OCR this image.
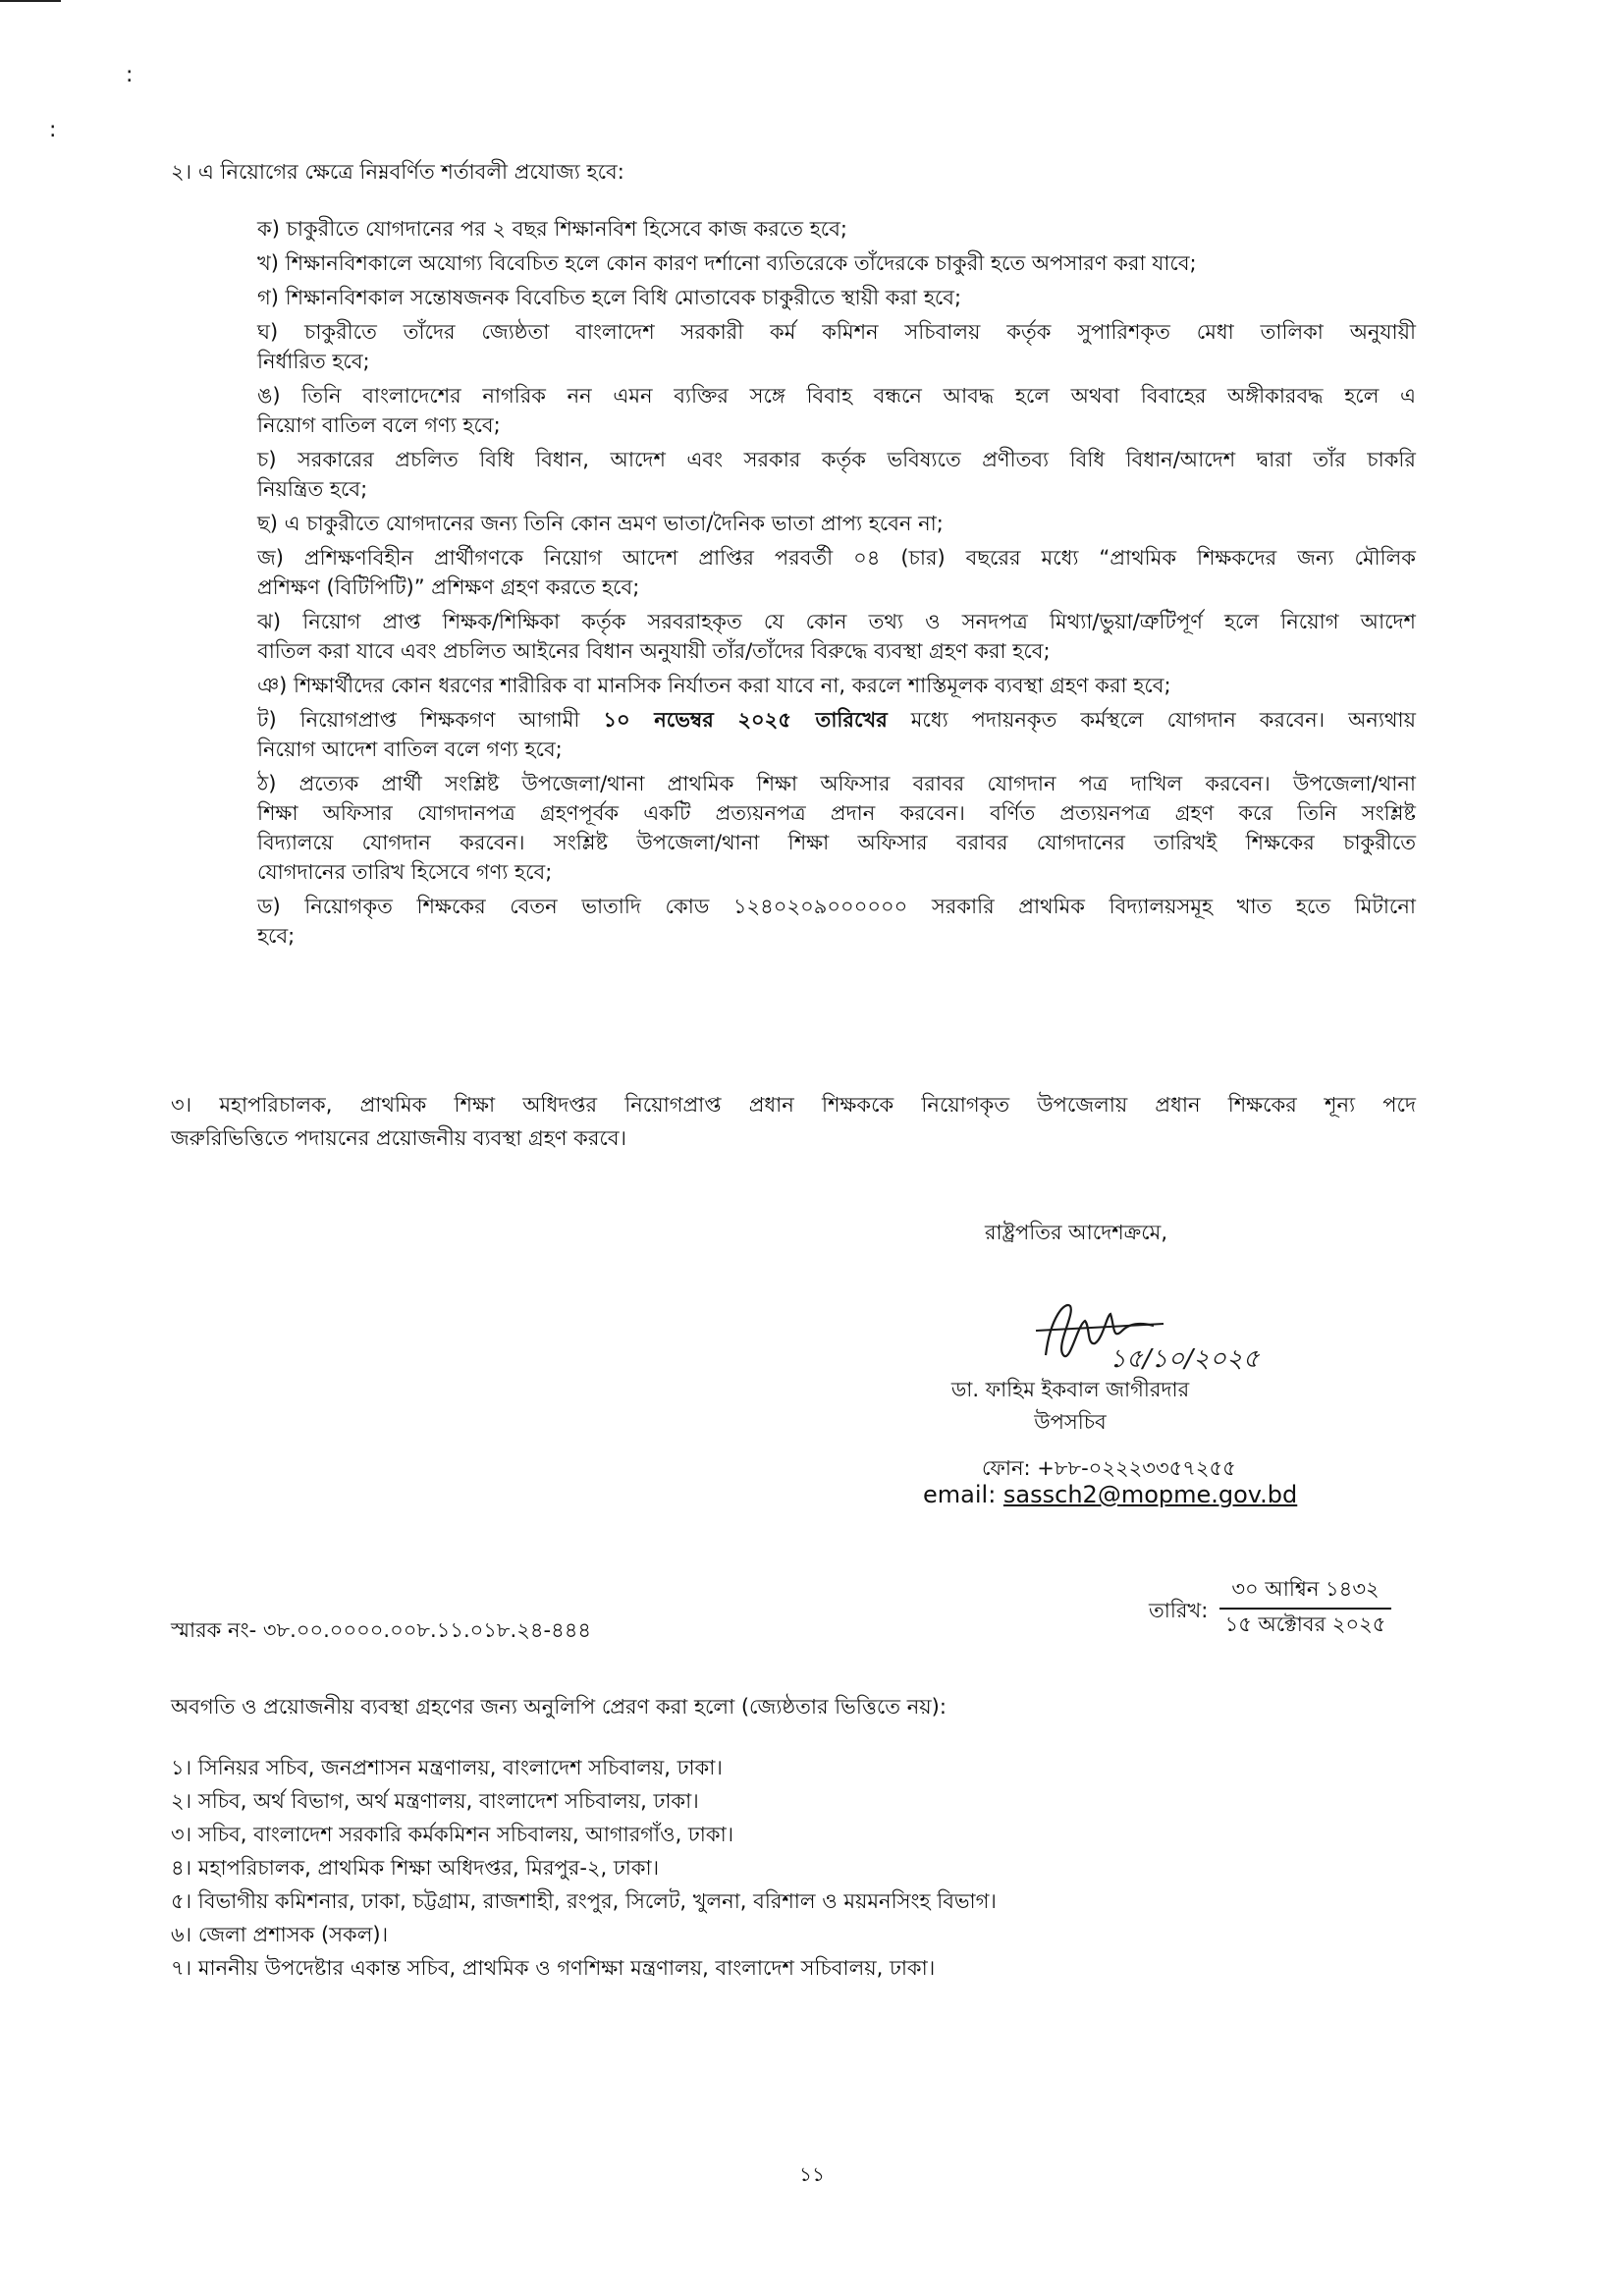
:
:
২। এ নিয়োগের ক্ষেত্রে নিম্নবর্ণিত শর্তাবলী প্রযোজ্য হবে:
ক) চাকুরীতে যোগদানের পর ২ বছর শিক্ষানবিশ হিসেবে কাজ করতে হবে;
খ) শিক্ষানবিশকালে অযোগ্য বিবেচিত হলে কোন কারণ দর্শানো ব্যতিরেকে তাঁদেরকে চাকুরী হতে অপসারণ করা যাবে;
গ) শিক্ষানবিশকাল সন্তোষজনক বিবেচিত হলে বিধি মোতাবেক চাকুরীতে স্থায়ী করা হবে;
ঘ) চাকুরীতে তাঁদের জ্যেষ্ঠতা বাংলাদেশ সরকারী কর্ম কমিশন সচিবালয় কর্তৃক সুপারিশকৃত মেধা তালিকা অনুযায়ী
নির্ধারিত হবে;
ঙ) তিনি বাংলাদেশের নাগরিক নন এমন ব্যক্তির সঙ্গে বিবাহ বন্ধনে আবদ্ধ হলে অথবা বিবাহের অঙ্গীকারবদ্ধ হলে এ
নিয়োগ বাতিল বলে গণ্য হবে;
চ) সরকারের প্রচলিত বিধি বিধান, আদেশ এবং সরকার কর্তৃক ভবিষ্যতে প্রণীতব্য বিধি বিধান/আদেশ দ্বারা তাঁর চাকরি
নিয়ন্ত্রিত হবে;
ছ) এ চাকুরীতে যোগদানের জন্য তিনি কোন ভ্রমণ ভাতা/দৈনিক ভাতা প্রাপ্য হবেন না;
জ) প্রশিক্ষণবিহীন প্রার্থীগণকে নিয়োগ আদেশ প্রাপ্তির পরবর্তী ০৪ (চার) বছরের মধ্যে “প্রাথমিক শিক্ষকদের জন্য মৌলিক
প্রশিক্ষণ (বিটিপিটি)” প্রশিক্ষণ গ্রহণ করতে হবে;
ঝ) নিয়োগ প্রাপ্ত শিক্ষক/শিক্ষিকা কর্তৃক সরবরাহকৃত যে কোন তথ্য ও সনদপত্র মিথ্যা/ভুয়া/ত্রুটিপূর্ণ হলে নিয়োগ আদেশ
বাতিল করা যাবে এবং প্রচলিত আইনের বিধান অনুযায়ী তাঁর/তাঁদের বিরুদ্ধে ব্যবস্থা গ্রহণ করা হবে;
ঞ) শিক্ষার্থীদের কোন ধরণের শারীরিক বা মানসিক নির্যাতন করা যাবে না, করলে শাস্তিমূলক ব্যবস্থা গ্রহণ করা হবে;
ট) নিয়োগপ্রাপ্ত শিক্ষকগণ আগামী ১০ নভেম্বর ২০২৫ তারিখের মধ্যে পদায়নকৃত কর্মস্থলে যোগদান করবেন। অন্যথায়
নিয়োগ আদেশ বাতিল বলে গণ্য হবে;
ঠ) প্রত্যেক প্রার্থী সংশ্লিষ্ট উপজেলা/থানা প্রাথমিক শিক্ষা অফিসার বরাবর যোগদান পত্র দাখিল করবেন। উপজেলা/থানা
শিক্ষা অফিসার যোগদানপত্র গ্রহণপূর্বক একটি প্রত্যয়নপত্র প্রদান করবেন। বর্ণিত প্রত্যয়নপত্র গ্রহণ করে তিনি সংশ্লিষ্ট
বিদ্যালয়ে যোগদান করবেন। সংশ্লিষ্ট উপজেলা/থানা শিক্ষা অফিসার বরাবর যোগদানের তারিখই শিক্ষকের চাকুরীতে
যোগদানের তারিখ হিসেবে গণ্য হবে;
ড) নিয়োগকৃত শিক্ষকের বেতন ভাতাদি কোড ১২৪০২০৯০০০০০০ সরকারি প্রাথমিক বিদ্যালয়সমূহ খাত হতে মিটানো
হবে;
৩। মহাপরিচালক, প্রাথমিক শিক্ষা অধিদপ্তর নিয়োগপ্রাপ্ত প্রধান শিক্ষককে নিয়োগকৃত উপজেলায় প্রধান শিক্ষকের শূন্য পদে
জরুরিভিত্তিতে পদায়নের প্রয়োজনীয় ব্যবস্থা গ্রহণ করবে।
রাষ্ট্রপতির আদেশক্রমে,
১৫/১০/২০২৫
ডা. ফাহিম ইকবাল জাগীরদার
উপসচিব
ফোন: +৮৮-০২২২৩৩৫৭২৫৫
email: sassch2@mopme.gov.bd
স্মারক নং- ৩৮.০০.০০০০.০০৮.১১.০১৮.২৪-৪৪৪
তারিখ:
৩০ আশ্বিন ১৪৩২
১৫ অক্টোবর ২০২৫
অবগতি ও প্রয়োজনীয় ব্যবস্থা গ্রহণের জন্য অনুলিপি প্রেরণ করা হলো (জ্যেষ্ঠতার ভিত্তিতে নয়):
১। সিনিয়র সচিব, জনপ্রশাসন মন্ত্রণালয়, বাংলাদেশ সচিবালয়, ঢাকা।
২। সচিব, অর্থ বিভাগ, অর্থ মন্ত্রণালয়, বাংলাদেশ সচিবালয়, ঢাকা।
৩। সচিব, বাংলাদেশ সরকারি কর্মকমিশন সচিবালয়, আগারগাঁও, ঢাকা।
৪। মহাপরিচালক, প্রাথমিক শিক্ষা অধিদপ্তর, মিরপুর-২, ঢাকা।
৫। বিভাগীয় কমিশনার, ঢাকা, চট্টগ্রাম, রাজশাহী, রংপুর, সিলেট, খুলনা, বরিশাল ও ময়মনসিংহ বিভাগ।
৬। জেলা প্রশাসক (সকল)।
৭। মাননীয় উপদেষ্টার একান্ত সচিব, প্রাথমিক ও গণশিক্ষা মন্ত্রণালয়, বাংলাদেশ সচিবালয়, ঢাকা।
১১
